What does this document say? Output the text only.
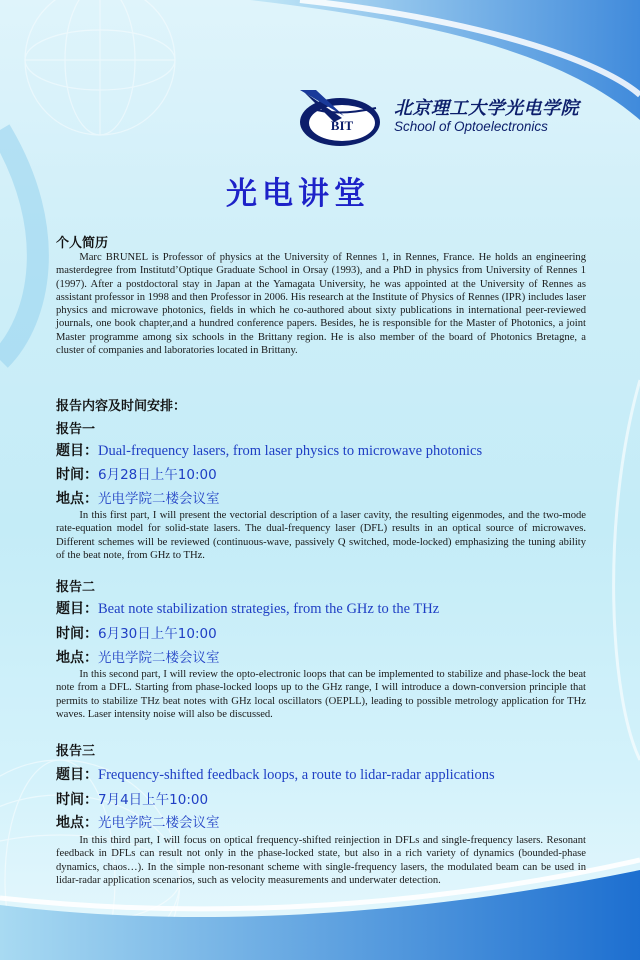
BIT
北京理工大学光电学院
School of Optoelectronics
光电讲堂
个人简历
Marc BRUNEL is Professor of physics at the University of Rennes 1, in Rennes, France. He holds an engineering masterdegree from Institutd’Optique Graduate School in Orsay (1993), and a PhD in physics from University of Rennes 1 (1997). After a postdoctoral stay in Japan at the Yamagata University, he was appointed at the University of Rennes as assistant professor in 1998 and then Professor in 2006. His research at the Institute of Physics of Rennes (IPR) includes laser physics and microwave photonics, fields in which he co-authored about sixty publications in international peer-reviewed journals, one book chapter,and a hundred conference papers. Besides, he is responsible for the Master of Photonics, a joint Master programme among six schools in the Brittany region. He is also member of the board of Photonics Bretagne, a cluster of companies and laboratories located in Brittany.
报告内容及时间安排：
报告一
题目：Dual-frequency lasers, from laser physics to microwave photonics
时间：6月28日上午10:00
地点：光电学院二楼会议室
In this first part, I will present the vectorial description of a laser cavity, the resulting eigenmodes, and the two-mode rate-equation model for solid-state lasers. The dual-frequency laser (DFL) results in an optical source of microwaves. Different schemes will be reviewed (continuous-wave, passively Q switched, mode-locked) emphasizing the tuning ability of the beat note, from GHz to THz.
报告二
题目：Beat note stabilization strategies, from the GHz to the THz
时间：6月30日上午10:00
地点：光电学院二楼会议室
In this second part, I will review the opto-electronic loops that can be implemented to stabilize and phase-lock the beat note from a DFL. Starting from phase-locked loops up to the GHz range, I will introduce a down-conversion principle that permits to stabilize THz beat notes with GHz local oscillators (OEPLL), leading to possible metrology application for THz waves. Laser intensity noise will also be discussed.
报告三
题目：Frequency-shifted feedback loops, a route to lidar-radar applications
时间：7月4日上午10:00
地点：光电学院二楼会议室
In this third part, I will focus on optical frequency-shifted reinjection in DFLs and single-frequency lasers. Resonant feedback in DFLs can result not only in the phase-locked state, but also in a rich variety of dynamics (bounded-phase dynamics, chaos…). In the simple non-resonant scheme with single-frequency lasers, the modulated beam can be used in lidar-radar application scenarios, such as velocity measurements and underwater detection.
